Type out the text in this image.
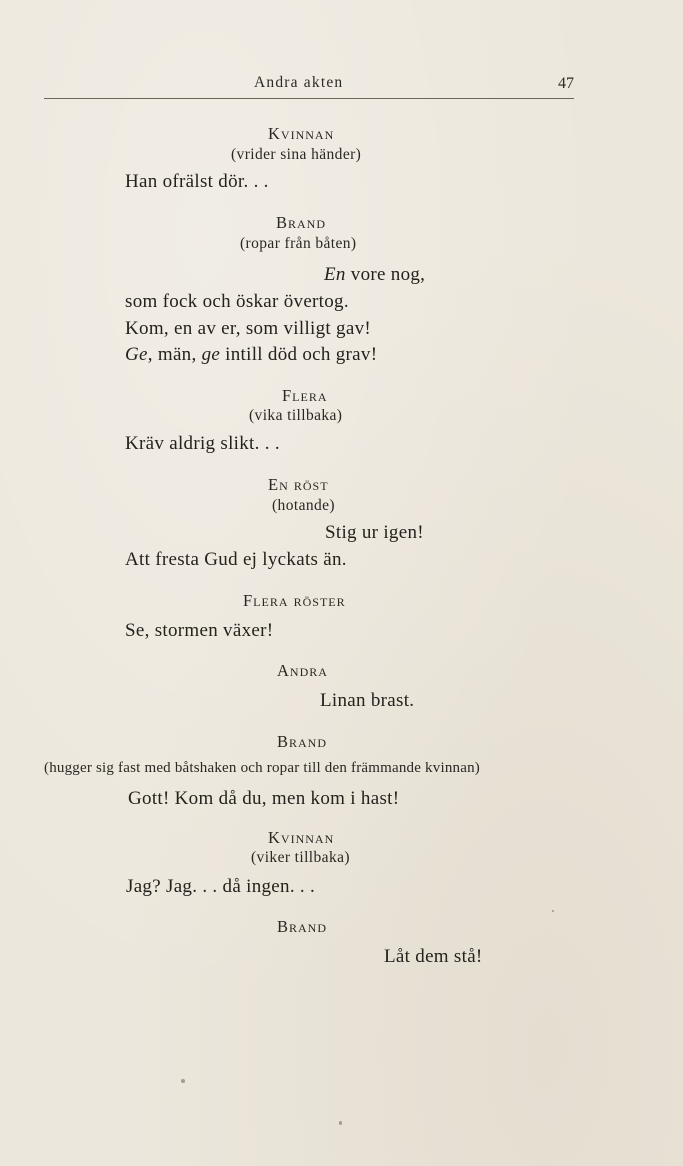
Andra akten	47
Kvinnan
(vrider sina händer)
Han ofrälst dör. . .
Brand
(ropar från båten)
En vore nog,
som fock och öskar övertog.
Kom, en av er, som villigt gav!
Ge, män, ge intill död och grav!
Flera
(vika tillbaka)
Kräv aldrig slikt. . .
En röst
(hotande)
Stig ur igen!
Att fresta Gud ej lyckats än.
Flera röster
Se, stormen växer!
Andra
Linan brast.
Brand
(hugger sig fast med båtshaken och ropar till den främmande kvinnan)
Gott! Kom då du, men kom i hast!
Kvinnan
(viker tillbaka)
Jag? Jag. . . då ingen. . .
Brand
Låt dem stå!
